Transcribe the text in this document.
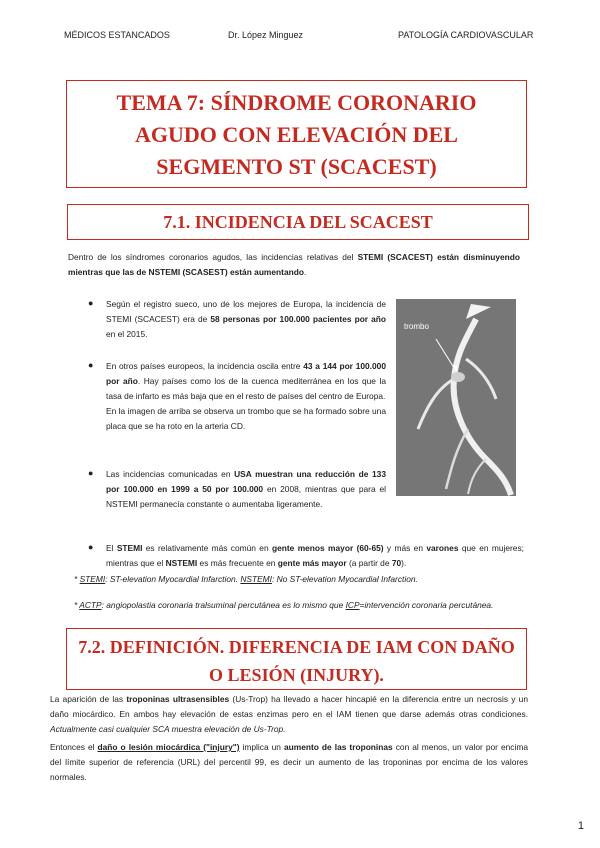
MÉDICOS ESTANCADOS	Dr. López Minguez	PATOLOGÍA CARDIOVASCULAR
TEMA 7: SÍNDROME CORONARIO
AGUDO CON ELEVACIÓN DEL
SEGMENTO ST (SCACEST)
7.1. INCIDENCIA DEL SCACEST
Dentro de los síndromes coronarios agudos, las incidencias relativas del STEMI (SCACEST) están disminuyendo mientras que las de NSTEMI (SCASEST) están aumentando.
● Según el registro sueco, uno de los mejores de Europa, la incidencia de STEMI (SCACEST) era de 58 personas por 100.000 pacientes por año en el 2015.
● En otros países europeos, la incidencia oscila entre 43 a 144 por 100.000 por año. Hay países como los de la cuenca mediterránea en los que la tasa de infarto es más baja que en el resto de países del centro de Europa.
En la imagen de arriba se observa un trombo que se ha formado sobre una placa que se ha roto en la arteria CD.
● Las incidencias comunicadas en USA muestran una reducción de 133 por 100.000 en 1999 a 50 por 100.000 en 2008, mientras que para el NSTEMI permanecía constante o aumentaba ligeramente.
trombo
● El STEMI es relativamente más común en gente menos mayor (60-65) y más en varones que en mujeres; mientras que el NSTEMI es más frecuente en gente más mayor (a partir de 70).
* STEMI: ST-elevation Myocardial Infarction. NSTEMI: No ST-elevation Myocardial Infarction.
* ACTP: angiopolastia coronaria tralsuminal percutánea es lo mismo que ICP=intervención coronaria percutánea.
7.2. DEFINICIÓN. DIFERENCIA DE IAM CON DAÑO
O LESIÓN (INJURY).
La aparición de las troponinas ultrasensibles (Us-Trop) ha llevado a hacer hincapié en la diferencia entre un necrosis y un daño miocárdico. En ambos hay elevación de estas enzimas pero en el IAM tienen que darse además otras condiciones. Actualmente casi cualquier SCA muestra elevación de Us-Trop.
Entonces el daño o lesión miocárdica ("injury") implica un aumento de las troponinas con al menos, un valor por encima del límite superior de referencia (URL) del percentil 99, es decir un aumento de las troponinas por encima de los valores normales.
1
